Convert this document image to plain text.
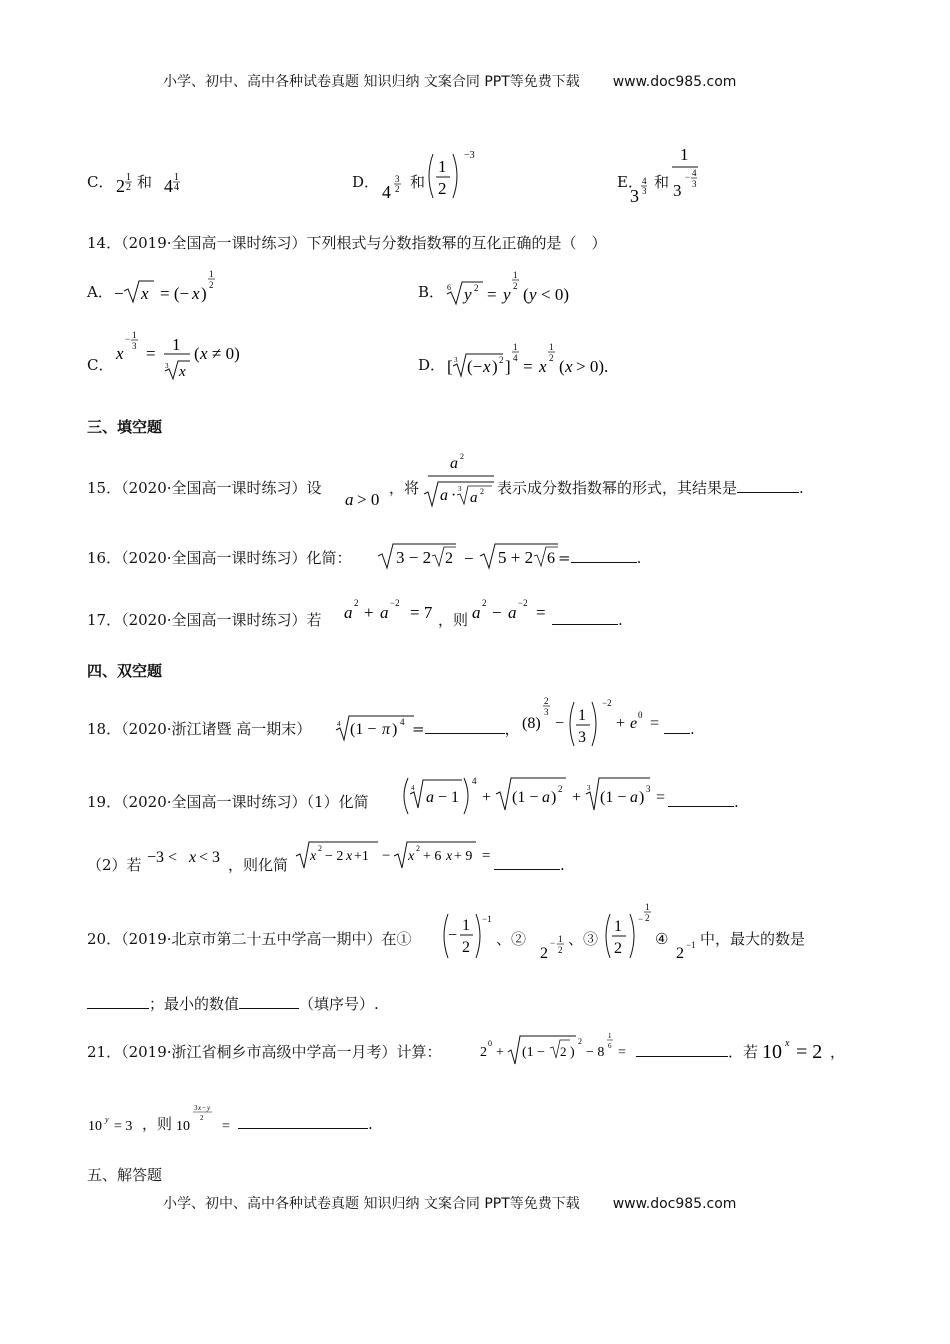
小学、初中、高中各种试卷真题 知识归纳 文案合同 PPT等免费下载 www.doc985.com
C． 2 1
2 4 1
4
和	D． 4
3
2
1
2
−3
和	E．
3
4
3
1
3
− 4
3
和
14．（2019·全国高一课时练习）下列根式与分数指数幂的互化正确的是（　）
A． − x = (− x )
1
2	B． 6 y 2 = y
1
2 ( y < 0)
C．
x
− 1
3 = 1
3 x
( x ≠ 0)
D． [ 3 (− x ) 2 ]
1
4 = x
1
2 ( x > 0).
三、填空题
15．（2020·全国高一课时练习）设
a > 0
，将
a 2
a · 3
a 2 表示成分数指数幂的形式，其结果是	.
16．（2020·全国高一课时练习）化简：	3 − 2 2 − 5 + 2 6 =	.
17．（2020·全国高一课时练习）若 a 2 + a −2 = 7 ，则 a 2 − a −2 =	.
四、双空题
18．（2020·浙江诸暨 高一期末）	4 (1 − π ) 4 =	， (8)
2
3
− 1
3
−2
+ e 0 =	.
19．（2020·全国高一课时练习）（1）化简
4
a − 1
4
+ (1 − a ) 2 +
3
(1 − a ) 3 =	.
（2）若 −3 < x < 3 ，则化简 x
2
− 2 x +1 − x
2
+ 6 x + 9 =	.
20．（2019·北京市第二十五中学高一期中）在① −
1
2
−1
、②
2
− 1
2
、③
1
2
−
1
2
④
2 −1 中，最大的数是
；最小的数值	（填序号）.
21．（2019·浙江省桐乡市高级中学高一月考）计算：	2
0
+ (1 − 2 )
2
− 8
1
6 =	．若 10 x = 2 ，
10 y = 3 ，则 10
3 x − y
2
=	.
五、解答题
小学、初中、高中各种试卷真题 知识归纳 文案合同 PPT等免费下载 www.doc985.com
